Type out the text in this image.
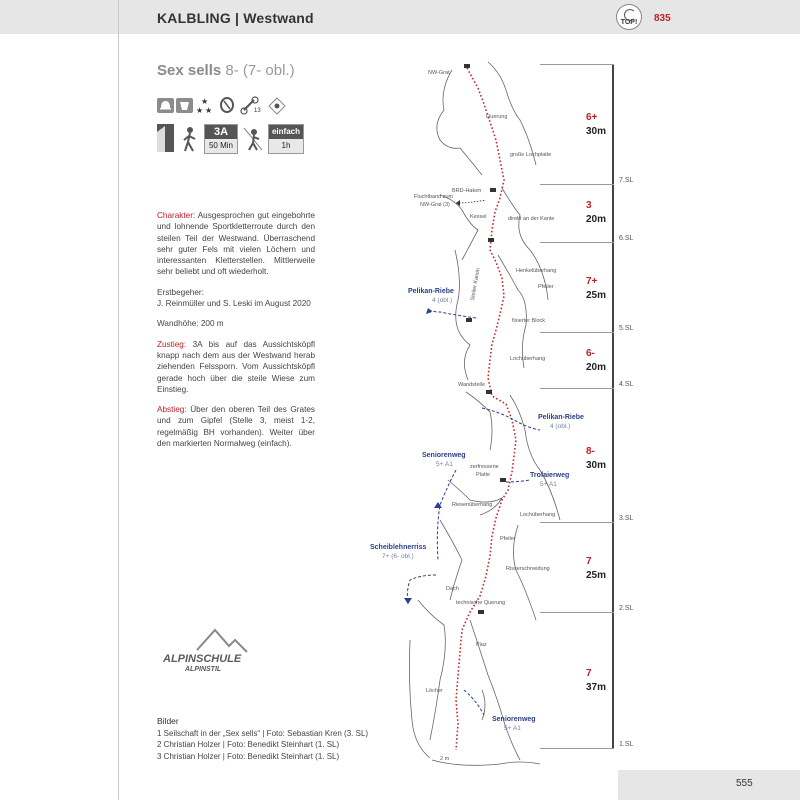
KALBLING | Westwand	TOP!	835
Sex sells 8- (7- obl.)
★
★ ★	13
3A
50 Min
einfach
1h

Charakter: Ausgesprochen gut eingebohrte und lohnende Sportkletterroute durch den steilen Teil der Westwand. Überraschend sehr guter Fels mit vielen Löchern und interessanten Kletterstellen. Mittlerweile sehr beliebt und oft wiederholt.

Erstbegeher:
J. Reinmüller und S. Leski im August 2020

Wandhöhe: 200 m

Zustieg: 3A bis auf das Aussichtsköpfl knapp nach dem aus der Westwand herab ziehenden Felssporn. Vom Aussichtsköpfl gerade hoch über die steile Wiese zum Einstieg.

Abstieg: Über den oberen Teil des Grates und zum Gipfel (Stelle 3, meist 1-2, regelmäßig BH vorhanden). Weiter über den markierten Normalweg (einfach).

ALPINSCHULE
ALPINSTIL
Bilder
1 Seilschaft in der „Sex sells“ | Foto: Sebastian Kren (3. SL)
2 Christian Holzer | Foto: Benedikt Steinhart (1. SL)
3 Christian Holzer | Foto: Benedikt Steinhart (1. SL)
555
7.SL
6.SL
5.SL
4.SL
3.SL
2.SL
1.SL
6+
30m
3
20m
7+
25m
6-
20m
8-
30m
7
25m
7
37m
NW-Grat
Querung
große Lochplatte
Fluchtband zum
NW-Grat (3)
BRD-Haken
Kessel	direkt an der Kante
Henkelüberhang
Steiler Kamin	Pfeiler
fixierter Block
Lochüberhang
Wandstelle
zerfressene
Platte
Riesenüberhang
Lochüberhang
Pfeiler
Dach
Risserschneidung
technische Querung
Piaz
Löcher
2 m
Pelikan-Riebe
4 (obl.)
Pelikan-Riebe
4 (obl.)
Seniorenweg
5+ A1
Trofaierweg
5+ A1
Scheiblehnerriss
7+ (6- obl.)
Seniorenweg
5+ A1
